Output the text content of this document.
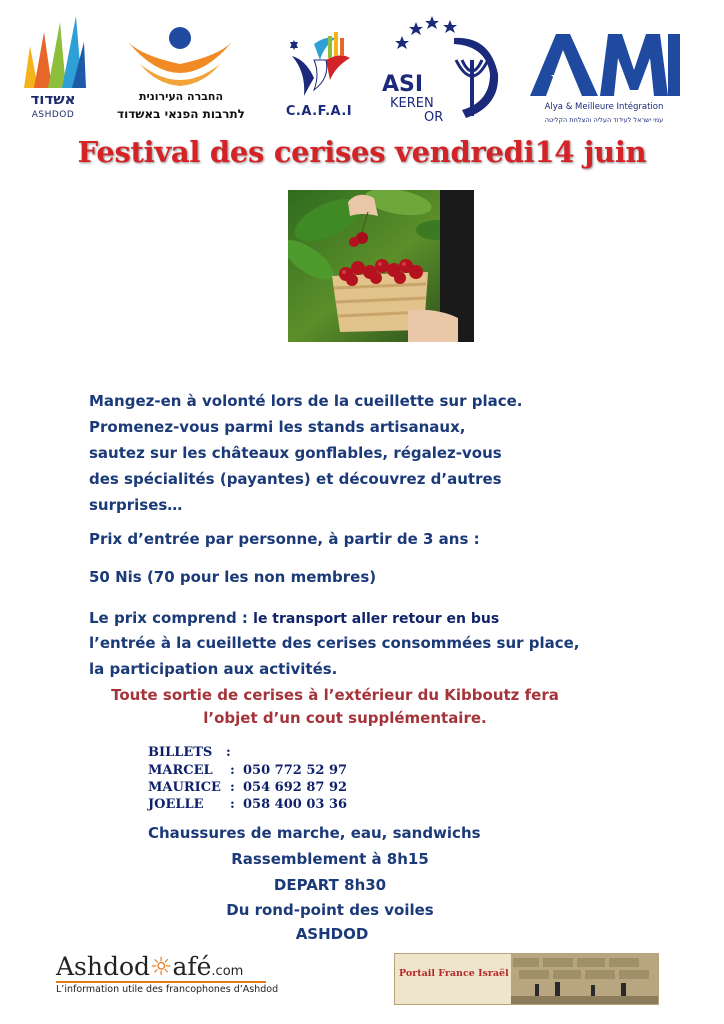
אשדוד
ASHDOD
החברה העירונית
לתרבות הפנאי באשדוד	C.A.F.A.I
ASI
KEREN
OR
Alya & Meilleure Intégration
עמי ישראל לעידוד העליה והצלחת הקליטה
Festival des cerises vendredi14 juin
Mangez-en à volonté lors de la cueillette sur place.
Promenez-vous parmi les stands artisanaux,
sautez sur les châteaux gonflables, régalez-vous
des spécialités (payantes) et découvrez d’autres
surprises…
Prix d’entrée par personne, à partir de 3 ans :
50 Nis (70 pour les non membres)
Le prix comprend : le transport aller retour en bus
l’entrée à la cueillette des cerises consommées sur place,
la participation aux activités.
Toute sortie de cerises à l’extérieur du Kibboutz fera
l’objet d’un cout supplémentaire.
BILLETS :
MARCEL : 050 772 52 97
MAURICE : 054 692 87 92
JOELLE : 058 400 03 36
Chaussures de marche, eau, sandwichs
Rassemblement à 8h15
DEPART 8h30
Du rond-point des voiles
ASHDOD
Ashdod☼afé.com
L’information utile des francophones d’Ashdod
Portail France Israël
